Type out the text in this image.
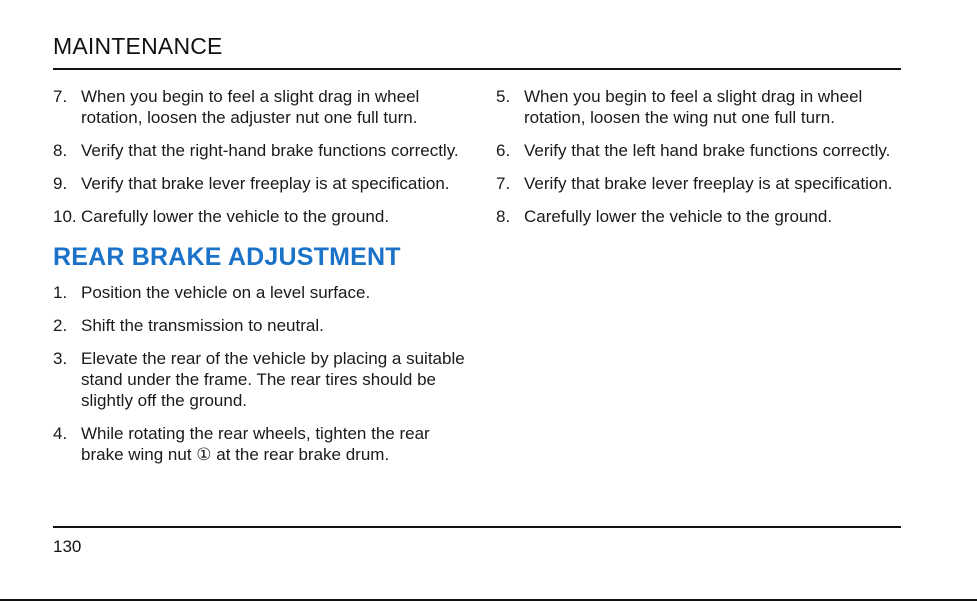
MAINTENANCE
7. When you begin to feel a slight drag in wheel rotation, loosen the adjuster nut one full turn.
8. Verify that the right-hand brake functions correctly.
9. Verify that brake lever freeplay is at specification.
10. Carefully lower the vehicle to the ground.
REAR BRAKE ADJUSTMENT
1. Position the vehicle on a level surface.
2. Shift the transmission to neutral.
3. Elevate the rear of the vehicle by placing a suitable stand under the frame. The rear tires should be slightly off the ground.
4. While rotating the rear wheels, tighten the rear brake wing nut ① at the rear brake drum.
5. When you begin to feel a slight drag in wheel rotation, loosen the wing nut one full turn.
6. Verify that the left hand brake functions correctly.
7. Verify that brake lever freeplay is at specification.
8. Carefully lower the vehicle to the ground.
130
